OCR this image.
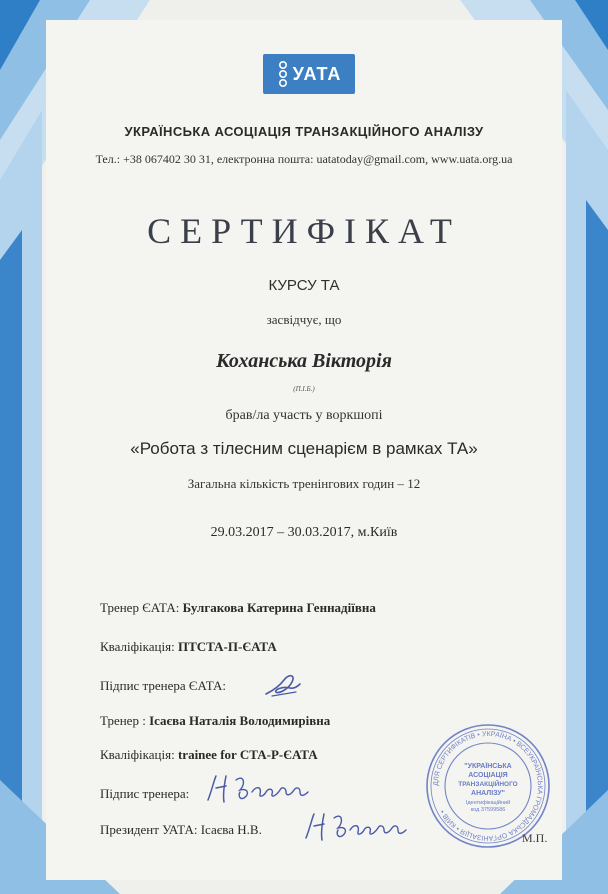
УАТА
УКРАЇНСЬКА АСОЦІАЦІЯ ТРАНЗАКЦІЙНОГО АНАЛІЗУ
Тел.: +38 067402 30 31, електронна пошта: uatatoday@gmail.com, www.uata.org.ua
СЕРТИФІКАТ
КУРСУ ТА
засвідчує, що
Коханська Вікторія
(П.І.Б.)
брав/ла участь у воркшопі
«Робота з тілесним сценарієм в рамках ТА»
Загальна кількість тренінгових годин – 12
29.03.2017 – 30.03.2017, м.Київ
Тренер ЄАТА: Булгакова Катерина Геннадіївна
Кваліфікація: ПТСТА-П-ЄАТА
Підпис тренера ЄАТА:
Тренер : Ісаєва Наталія Володимирівна
Кваліфікація: trainee for СТА-Р-ЄАТА
Підпис тренера:
Президент УАТА: Ісаєва Н.В.
ДЛЯ СЕРТИФІКАТІВ • УКРАЇНА • ВСЕУКРАЇНСЬКА ГРОМАДСЬКА ОРГАНІЗАЦІЯ • КИЇВ •
"УКРАЇНСЬКА
АСОЦІАЦІЯ
ТРАНЗАКЦІЙНОГО
АНАЛІЗУ"
Ідентифікаційний
код 37599586
М.П.
